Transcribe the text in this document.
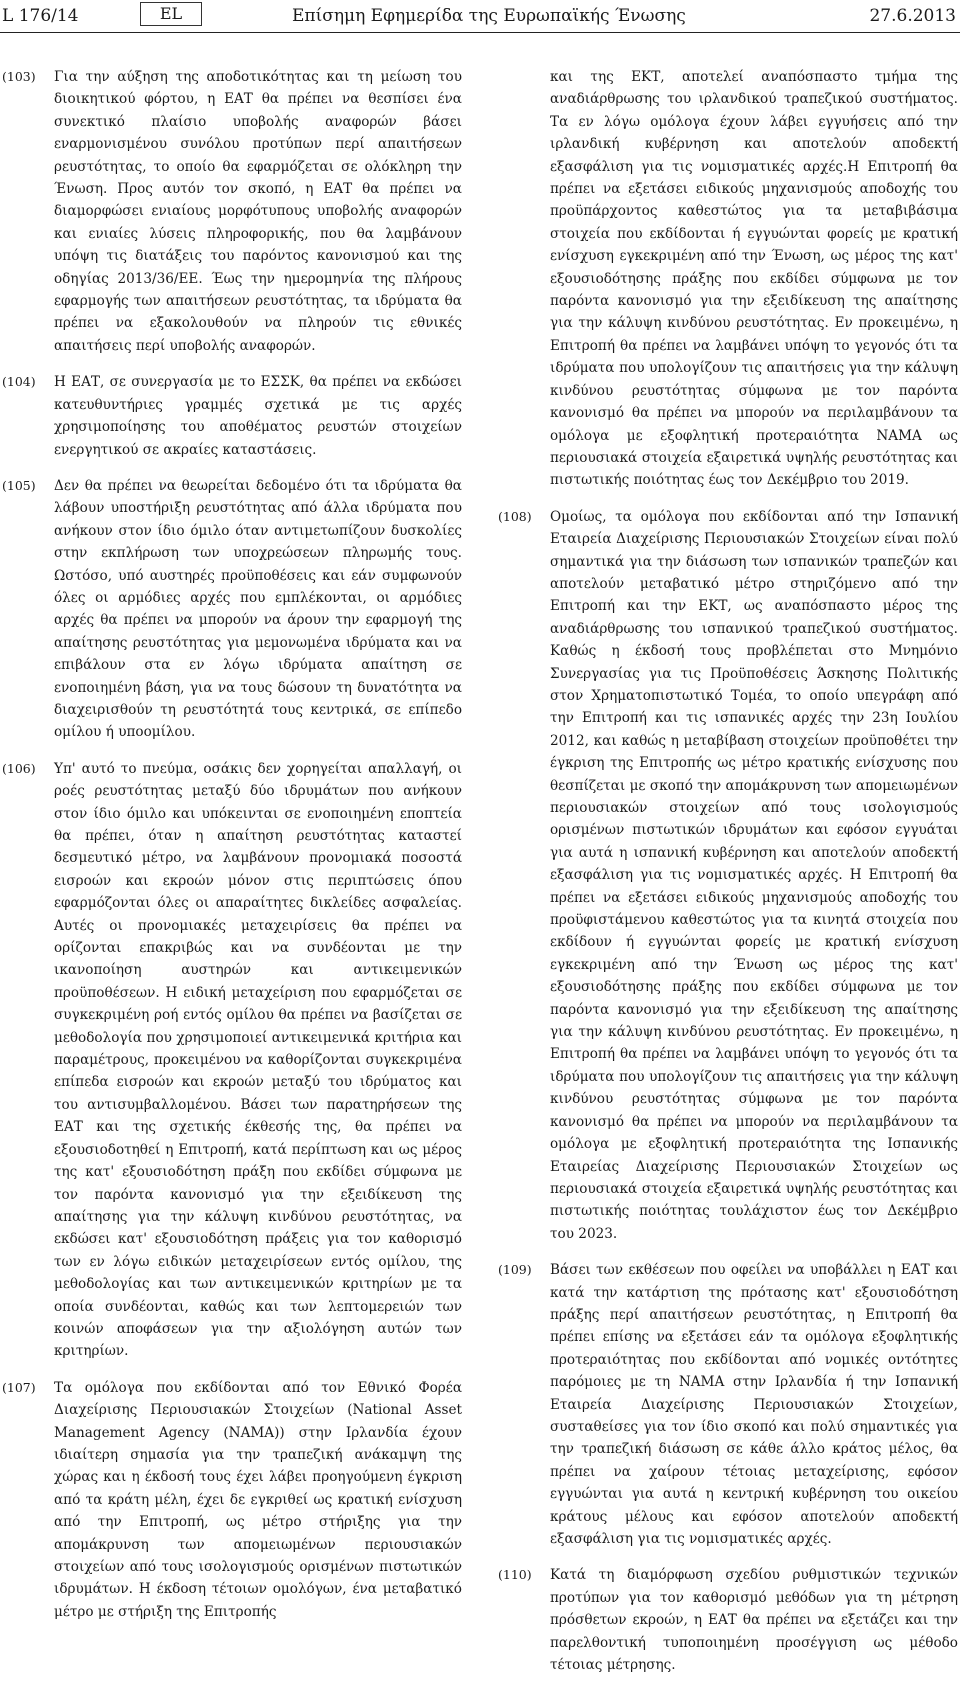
L 176/14	EL	Επίσημη Εφημερίδα της Ευρωπαϊκής Ένωσης	27.6.2013
(103) Για την αύξηση της αποδοτικότητας και τη μείωση του διοικητικού φόρτου, η ΕΑΤ θα πρέπει να θεσπίσει ένα συνεκτικό πλαίσιο υποβολής αναφορών βάσει εναρμονισμένου συνόλου προτύπων περί απαιτήσεων ρευστότητας, το οποίο θα εφαρμόζεται σε ολόκληρη την Ένωση. Προς αυτόν τον σκοπό, η ΕΑΤ θα πρέπει να διαμορφώσει ενιαίους μορφότυπους υποβολής αναφορών και ενιαίες λύσεις πληροφορικής, που θα λαμβάνουν υπόψη τις διατάξεις του παρόντος κανονισμού και της οδηγίας 2013/36/ΕΕ. Έως την ημερομηνία της πλήρους εφαρμογής των απαιτήσεων ρευστότητας, τα ιδρύματα θα πρέπει να εξακολουθούν να πληρούν τις εθνικές απαιτήσεις περί υποβολής αναφορών.
(104) Η ΕΑΤ, σε συνεργασία με το ΕΣΣΚ, θα πρέπει να εκδώσει κατευθυντήριες γραμμές σχετικά με τις αρχές χρησιμοποίησης του αποθέματος ρευστών στοιχείων ενεργητικού σε ακραίες καταστάσεις.
(105) Δεν θα πρέπει να θεωρείται δεδομένο ότι τα ιδρύματα θα λάβουν υποστήριξη ρευστότητας από άλλα ιδρύματα που ανήκουν στον ίδιο όμιλο όταν αντιμετωπίζουν δυσκολίες στην εκπλήρωση των υποχρεώσεων πληρωμής τους. Ωστόσο, υπό αυστηρές προϋποθέσεις και εάν συμφωνούν όλες οι αρμόδιες αρχές που εμπλέκονται, οι αρμόδιες αρχές θα πρέπει να μπορούν να άρουν την εφαρμογή της απαίτησης ρευστότητας για μεμονωμένα ιδρύματα και να επιβάλουν στα εν λόγω ιδρύματα απαίτηση σε ενοποιημένη βάση, για να τους δώσουν τη δυνατότητα να διαχειρισθούν τη ρευστότητά τους κεντρικά, σε επίπεδο ομίλου ή υποομίλου.
(106) Υπ' αυτό το πνεύμα, οσάκις δεν χορηγείται απαλλαγή, οι ροές ρευστότητας μεταξύ δύο ιδρυμάτων που ανήκουν στον ίδιο όμιλο και υπόκεινται σε ενοποιημένη εποπτεία θα πρέπει, όταν η απαίτηση ρευστότητας καταστεί δεσμευτικό μέτρο, να λαμβάνουν προνομιακά ποσοστά εισροών και εκροών μόνον στις περιπτώσεις όπου εφαρμόζονται όλες οι απαραίτητες δικλείδες ασφαλείας. Αυτές οι προνομιακές μεταχειρίσεις θα πρέπει να ορίζονται επακριβώς και να συνδέονται με την ικανοποίηση αυστηρών και αντικειμενικών προϋποθέσεων. Η ειδική μεταχείριση που εφαρμόζεται σε συγκεκριμένη ροή εντός ομίλου θα πρέπει να βασίζεται σε μεθοδολογία που χρησιμοποιεί αντικειμενικά κριτήρια και παραμέτρους, προκειμένου να καθορίζονται συγκεκριμένα επίπεδα εισροών και εκροών μεταξύ του ιδρύματος και του αντισυμβαλλομένου. Βάσει των παρατηρήσεων της ΕΑΤ και της σχετικής έκθεσής της, θα πρέπει να εξουσιοδοτηθεί η Επιτροπή, κατά περίπτωση και ως μέρος της κατ' εξουσιοδότηση πράξη που εκδίδει σύμφωνα με τον παρόντα κανονισμό για την εξειδίκευση της απαίτησης για την κάλυψη κινδύνου ρευστότητας, να εκδώσει κατ' εξουσιοδότηση πράξεις για τον καθορισμό των εν λόγω ειδικών μεταχειρίσεων εντός ομίλου, της μεθοδολογίας και των αντικειμενικών κριτηρίων με τα οποία συνδέονται, καθώς και των λεπτομερειών των κοινών αποφάσεων για την αξιολόγηση αυτών των κριτηρίων.
(107) Τα ομόλογα που εκδίδονται από τον Εθνικό Φορέα Διαχείρισης Περιουσιακών Στοιχείων (National Asset Management Agency (NAMA)) στην Ιρλανδία έχουν ιδιαίτερη σημασία για την τραπεζική ανάκαμψη της χώρας και η έκδοσή τους έχει λάβει προηγούμενη έγκριση από τα κράτη μέλη, έχει δε εγκριθεί ως κρατική ενίσχυση από την Επιτροπή, ως μέτρο στήριξης για την απομάκρυνση των απομειωμένων περιουσιακών στοιχείων από τους ισολογισμούς ορισμένων πιστωτικών ιδρυμάτων. Η έκδοση τέτοιων ομολόγων, ένα μεταβατικό μέτρο με στήριξη της Επιτροπής
και της ΕΚΤ, αποτελεί αναπόσπαστο τμήμα της αναδιάρθρωσης του ιρλανδικού τραπεζικού συστήματος. Τα εν λόγω ομόλογα έχουν λάβει εγγυήσεις από την ιρλανδική κυβέρνηση και αποτελούν αποδεκτή εξασφάλιση για τις νομισματικές αρχές.Η Επιτροπή θα πρέπει να εξετάσει ειδικούς μηχανισμούς αποδοχής του προϋπάρχοντος καθεστώτος για τα μεταβιβάσιμα στοιχεία που εκδίδονται ή εγγυώνται φορείς με κρατική ενίσχυση εγκεκριμένη από την Ένωση, ως μέρος της κατ' εξουσιοδότησης πράξης που εκδίδει σύμφωνα με τον παρόντα κανονισμό για την εξειδίκευση της απαίτησης για την κάλυψη κινδύνου ρευστότητας. Εν προκειμένω, η Επιτροπή θα πρέπει να λαμβάνει υπόψη το γεγονός ότι τα ιδρύματα που υπολογίζουν τις απαιτήσεις για την κάλυψη κινδύνου ρευστότητας σύμφωνα με τον παρόντα κανονισμό θα πρέπει να μπορούν να περιλαμβάνουν τα ομόλογα με εξοφλητική προτεραιότητα ΝΑΜΑ ως περιουσιακά στοιχεία εξαιρετικά υψηλής ρευστότητας και πιστωτικής ποιότητας έως τον Δεκέμβριο του 2019.
(108) Ομοίως, τα ομόλογα που εκδίδονται από την Ισπανική Εταιρεία Διαχείρισης Περιουσιακών Στοιχείων είναι πολύ σημαντικά για την διάσωση των ισπανικών τραπεζών και αποτελούν μεταβατικό μέτρο στηριζόμενο από την Επιτροπή και την ΕΚΤ, ως αναπόσπαστο μέρος της αναδιάρθρωσης του ισπανικού τραπεζικού συστήματος. Καθώς η έκδοσή τους προβλέπεται στο Μνημόνιο Συνεργασίας για τις Προϋποθέσεις Άσκησης Πολιτικής στον Χρηματοπιστωτικό Τομέα, το οποίο υπεγράφη από την Επιτροπή και τις ισπανικές αρχές την 23η Ιουλίου 2012, και καθώς η μεταβίβαση στοιχείων προϋποθέτει την έγκριση της Επιτροπής ως μέτρο κρατικής ενίσχυσης που θεσπίζεται με σκοπό την απομάκρυνση των απομειωμένων περιουσιακών στοιχείων από τους ισολογισμούς ορισμένων πιστωτικών ιδρυμάτων και εφόσον εγγυάται για αυτά η ισπανική κυβέρνηση και αποτελούν αποδεκτή εξασφάλιση για τις νομισματικές αρχές. Η Επιτροπή θα πρέπει να εξετάσει ειδικούς μηχανισμούς αποδοχής του προϋφιστάμενου καθεστώτος για τα κινητά στοιχεία που εκδίδουν ή εγγυώνται φορείς με κρατική ενίσχυση εγκεκριμένη από την Ένωση ως μέρος της κατ' εξουσιοδότησης πράξης που εκδίδει σύμφωνα με τον παρόντα κανονισμό για την εξειδίκευση της απαίτησης για την κάλυψη κινδύνου ρευστότητας. Εν προκειμένω, η Επιτροπή θα πρέπει να λαμβάνει υπόψη το γεγονός ότι τα ιδρύματα που υπολογίζουν τις απαιτήσεις για την κάλυψη κινδύνου ρευστότητας σύμφωνα με τον παρόντα κανονισμό θα πρέπει να μπορούν να περιλαμβάνουν τα ομόλογα με εξοφλητική προτεραιότητα της Ισπανικής Εταιρείας Διαχείρισης Περιουσιακών Στοιχείων ως περιουσιακά στοιχεία εξαιρετικά υψηλής ρευστότητας και πιστωτικής ποιότητας τουλάχιστον έως τον Δεκέμβριο του 2023.
(109) Βάσει των εκθέσεων που οφείλει να υποβάλλει η ΕΑΤ και κατά την κατάρτιση της πρότασης κατ' εξουσιοδότηση πράξης περί απαιτήσεων ρευστότητας, η Επιτροπή θα πρέπει επίσης να εξετάσει εάν τα ομόλογα εξοφλητικής προτεραιότητας που εκδίδονται από νομικές οντότητες παρόμοιες με τη ΝΑΜΑ στην Ιρλανδία ή την Ισπανική Εταιρεία Διαχείρισης Περιουσιακών Στοιχείων, συσταθείσες για τον ίδιο σκοπό και πολύ σημαντικές για την τραπεζική διάσωση σε κάθε άλλο κράτος μέλος, θα πρέπει να χαίρουν τέτοιας μεταχείρισης, εφόσον εγγυώνται για αυτά η κεντρική κυβέρνηση του οικείου κράτους μέλους και εφόσον αποτελούν αποδεκτή εξασφάλιση για τις νομισματικές αρχές.
(110) Κατά τη διαμόρφωση σχεδίου ρυθμιστικών τεχνικών προτύπων για τον καθορισμό μεθόδων για τη μέτρηση πρόσθετων εκροών, η ΕΑΤ θα πρέπει να εξετάζει και την παρελθοντική τυποποιημένη προσέγγιση ως μέθοδο τέτοιας μέτρησης.
